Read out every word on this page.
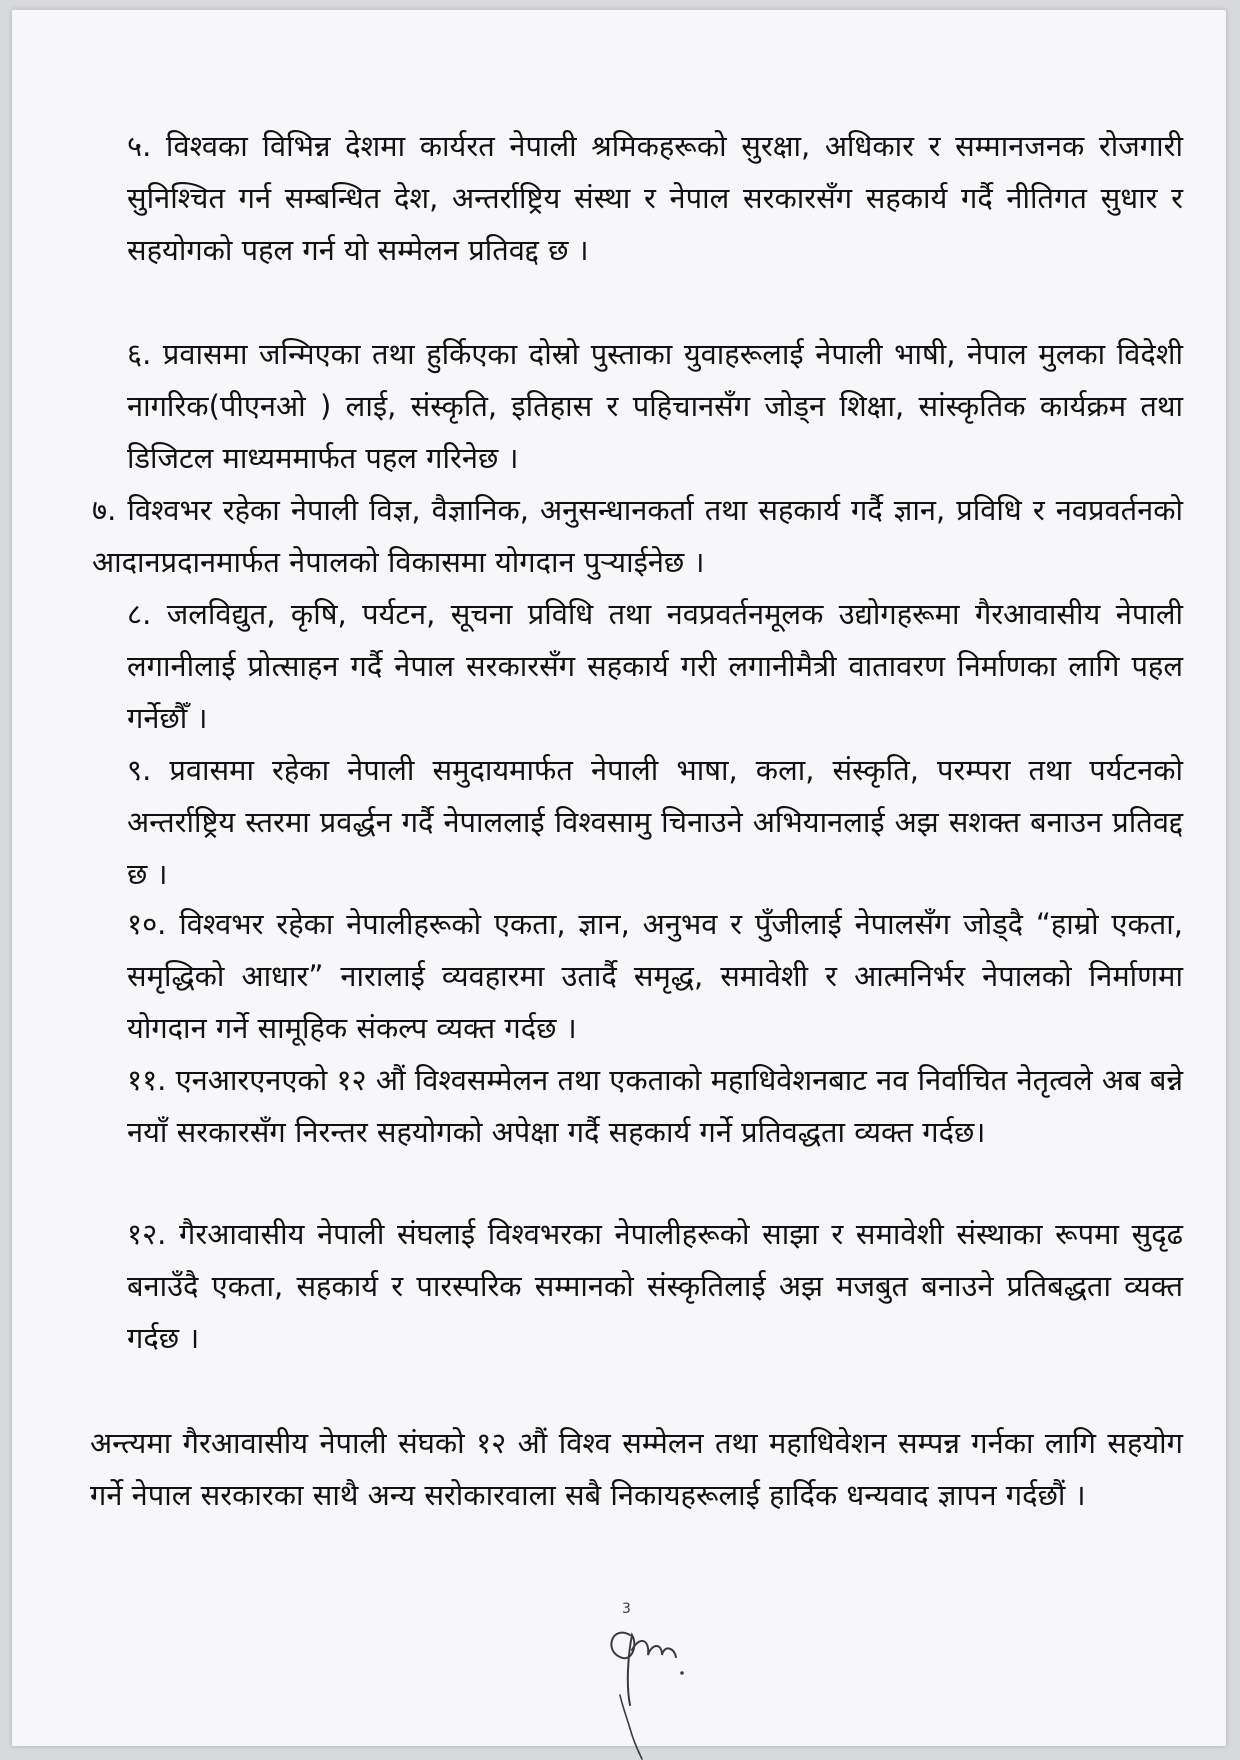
५. विश्वका विभिन्न देशमा कार्यरत नेपाली श्रमिकहरूको सुरक्षा, अधिकार र सम्मानजनक रोजगारी सुनिश्चित गर्न सम्बन्धित देश, अन्तर्राष्ट्रिय संस्था र नेपाल सरकारसँग सहकार्य गर्दै नीतिगत सुधार र सहयोगको पहल गर्न यो सम्मेलन प्रतिवद्द छ ।

६. प्रवासमा जन्मिएका तथा हुर्किएका दोस्रो पुस्ताका युवाहरूलाई नेपाली भाषी, नेपाल मुलका विदेशी नागरिक(पीएनओ ) लाई, संस्कृति, इतिहास र पहिचानसँग जोड्न शिक्षा, सांस्कृतिक कार्यक्रम तथा डिजिटल माध्यममार्फत पहल गरिनेछ ।

७. विश्वभर रहेका नेपाली विज्ञ, वैज्ञानिक, अनुसन्धानकर्ता तथा सहकार्य गर्दै ज्ञान, प्रविधि र नवप्रवर्तनको आदानप्रदानमार्फत नेपालको विकासमा योगदान पुर्‍याईनेछ ।

८. जलविद्युत, कृषि, पर्यटन, सूचना प्रविधि तथा नवप्रवर्तनमूलक उद्योगहरूमा गैरआवासीय नेपाली लगानीलाई प्रोत्साहन गर्दै नेपाल सरकारसँग सहकार्य गरी लगानीमैत्री वातावरण निर्माणका लागि पहल गर्नेछौँ ।

९. प्रवासमा रहेका नेपाली समुदायमार्फत नेपाली भाषा, कला, संस्कृति, परम्परा तथा पर्यटनको अन्तर्राष्ट्रिय स्तरमा प्रवर्द्धन गर्दै नेपाललाई विश्वसामु चिनाउने अभियानलाई अझ सशक्त बनाउन प्रतिवद्द छ ।

१०. विश्वभर रहेका नेपालीहरूको एकता, ज्ञान, अनुभव र पुँजीलाई नेपालसँग जोड्दै “हाम्रो एकता, समृद्धिको आधार” नारालाई व्यवहारमा उतार्दै समृद्ध, समावेशी र आत्मनिर्भर नेपालको निर्माणमा योगदान गर्ने सामूहिक संकल्प व्यक्त गर्दछ ।

११. एनआरएनएको १२ औं विश्वसम्मेलन तथा एकताको महाधिवेशनबाट नव निर्वाचित नेतृत्वले अब बन्ने नयाँ सरकारसँग निरन्तर सहयोगको अपेक्षा गर्दै सहकार्य गर्ने प्रतिवद्धता व्यक्त गर्दछ।

१२. गैरआवासीय नेपाली संघलाई विश्वभरका नेपालीहरूको साझा र समावेशी संस्थाका रूपमा सुदृढ बनाउँदै एकता, सहकार्य र पारस्परिक सम्मानको संस्कृतिलाई अझ मजबुत बनाउने प्रतिबद्धता व्यक्त गर्दछ ।

अन्त्यमा गैरआवासीय नेपाली संघको १२ औं विश्व सम्मेलन तथा महाधिवेशन सम्पन्न गर्नका लागि सहयोग गर्ने नेपाल सरकारका साथै अन्य सरोकारवाला सबै निकायहरूलाई हार्दिक धन्यवाद ज्ञापन गर्दछौं ।

3
